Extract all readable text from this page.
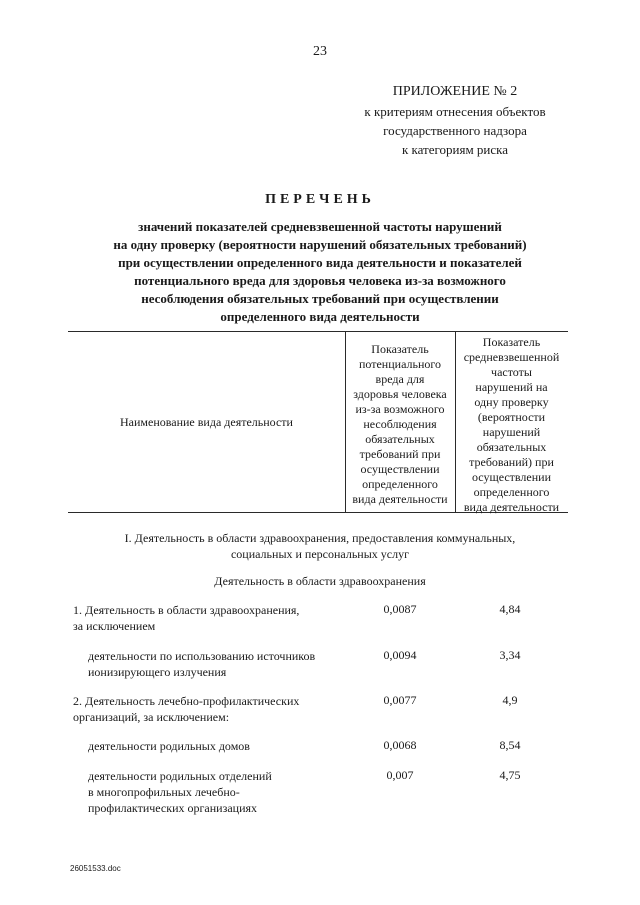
23
ПРИЛОЖЕНИЕ № 2
к критериям отнесения объектов
государственного надзора
к категориям риска
ПЕРЕЧЕНЬ
значений показателей средневзвешенной частоты нарушений
на одну проверку (вероятности нарушений обязательных требований)
при осуществлении определенного вида деятельности и показателей
потенциального вреда для здоровья человека из-за возможного
несоблюдения обязательных требований при осуществлении
определенного вида деятельности
Наименование вида деятельности
Показатель
потенциального
вреда для
здоровья человека
из-за возможного
несоблюдения
обязательных
требований при
осуществлении
определенного
вида деятельности
Показатель
средневзвешенной
частоты
нарушений на
одну проверку
(вероятности
нарушений
обязательных
требований) при
осуществлении
определенного
вида деятельности
I. Деятельность в области здравоохранения, предоставления коммунальных,
социальных и персональных услуг
Деятельность в области здравоохранения
1. Деятельность в области здравоохранения,
за исключением
0,0087	4,84
деятельности по использованию источников
ионизирующего излучения
0,0094	3,34
2. Деятельность лечебно-профилактических
организаций, за исключением:
0,0077	4,9
деятельности родильных домов	0,0068	8,54
деятельности родильных отделений
в многопрофильных лечебно-
профилактических организациях
0,007	4,75
26051533.doc
